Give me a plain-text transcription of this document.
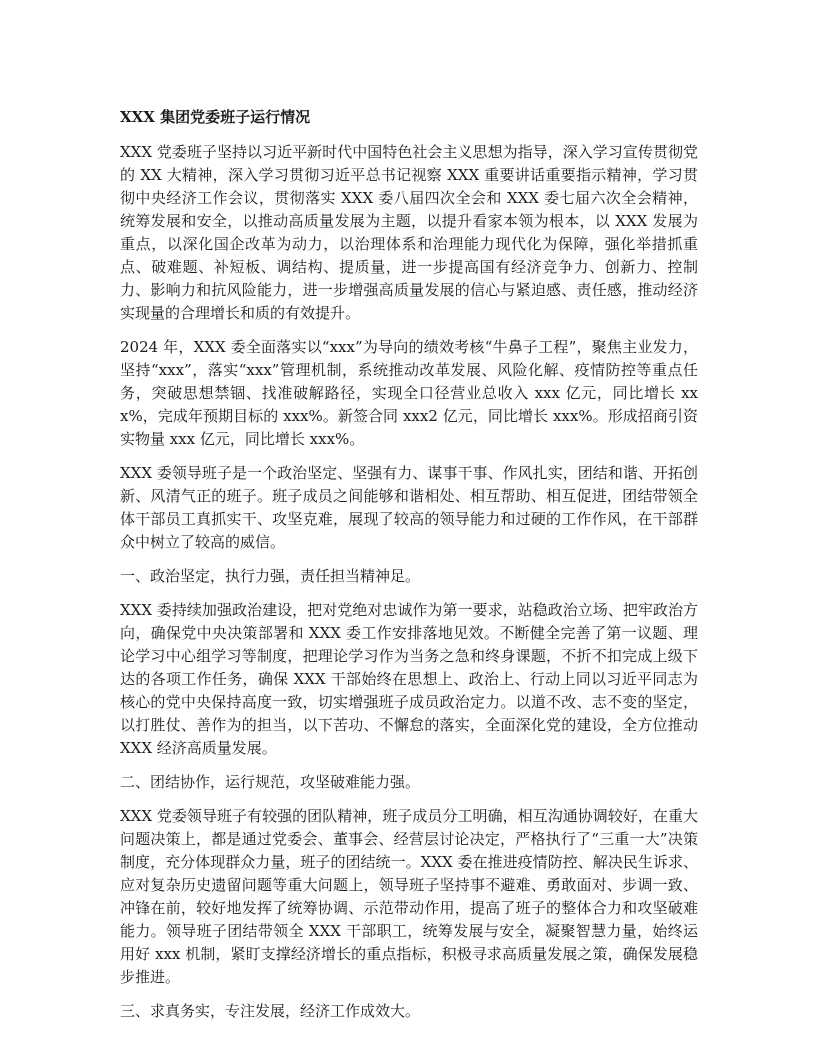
XXX 集团党委班子运行情况

XXX 党委班子坚持以习近平新时代中国特色社会主义思想为指导，深入学习宣传贯彻党的 XX 大精神，深入学习贯彻习近平总书记视察 XXX 重要讲话重要指示精神，学习贯彻中央经济工作会议，贯彻落实 XXX 委八届四次全会和 XXX 委七届六次全会精神，统筹发展和安全，以推动高质量发展为主题，以提升看家本领为根本，以 XXX 发展为重点，以深化国企改革为动力，以治理体系和治理能力现代化为保障，强化举措抓重点、破难题、补短板、调结构、提质量，进一步提高国有经济竞争力、创新力、控制力、影响力和抗风险能力，进一步增强高质量发展的信心与紧迫感、责任感，推动经济实现量的合理增长和质的有效提升。

2024 年，XXX 委全面落实以“xxx”为导向的绩效考核“牛鼻子工程”，聚焦主业发力，坚持“xxx”，落实“xxx”管理机制，系统推动改革发展、风险化解、疫情防控等重点任务，突破思想禁锢、找准破解路径，实现全口径营业总收入 xxx 亿元，同比增长 xxx%，完成年预期目标的 xxx%。新签合同 xxx2 亿元，同比增长 xxx%。形成招商引资实物量 xxx 亿元，同比增长 xxx%。

XXX 委领导班子是一个政治坚定、坚强有力、谋事干事、作风扎实，团结和谐、开拓创新、风清气正的班子。班子成员之间能够和谐相处、相互帮助、相互促进，团结带领全体干部员工真抓实干、攻坚克难，展现了较高的领导能力和过硬的工作作风，在干部群众中树立了较高的威信。

一、政治坚定，执行力强，责任担当精神足。

XXX 委持续加强政治建设，把对党绝对忠诚作为第一要求，站稳政治立场、把牢政治方向，确保党中央决策部署和 XXX 委工作安排落地见效。不断健全完善了第一议题、理论学习中心组学习等制度，把理论学习作为当务之急和终身课题，不折不扣完成上级下达的各项工作任务，确保 XXX 干部始终在思想上、政治上、行动上同以习近平同志为核心的党中央保持高度一致，切实增强班子成员政治定力。以道不改、志不变的坚定，以打胜仗、善作为的担当，以下苦功、不懈怠的落实，全面深化党的建设，全方位推动 XXX 经济高质量发展。

二、团结协作，运行规范，攻坚破难能力强。

XXX 党委领导班子有较强的团队精神，班子成员分工明确，相互沟通协调较好，在重大问题决策上，都是通过党委会、董事会、经营层讨论决定，严格执行了“三重一大”决策制度，充分体现群众力量，班子的团结统一。XXX 委在推进疫情防控、解决民生诉求、应对复杂历史遗留问题等重大问题上，领导班子坚持事不避难、勇敢面对、步调一致、冲锋在前，较好地发挥了统筹协调、示范带动作用，提高了班子的整体合力和攻坚破难能力。领导班子团结带领全 XXX 干部职工，统筹发展与安全，凝聚智慧力量，始终运用好 xxx 机制，紧盯支撑经济增长的重点指标，积极寻求高质量发展之策，确保发展稳步推进。

三、求真务实，专注发展，经济工作成效大。
